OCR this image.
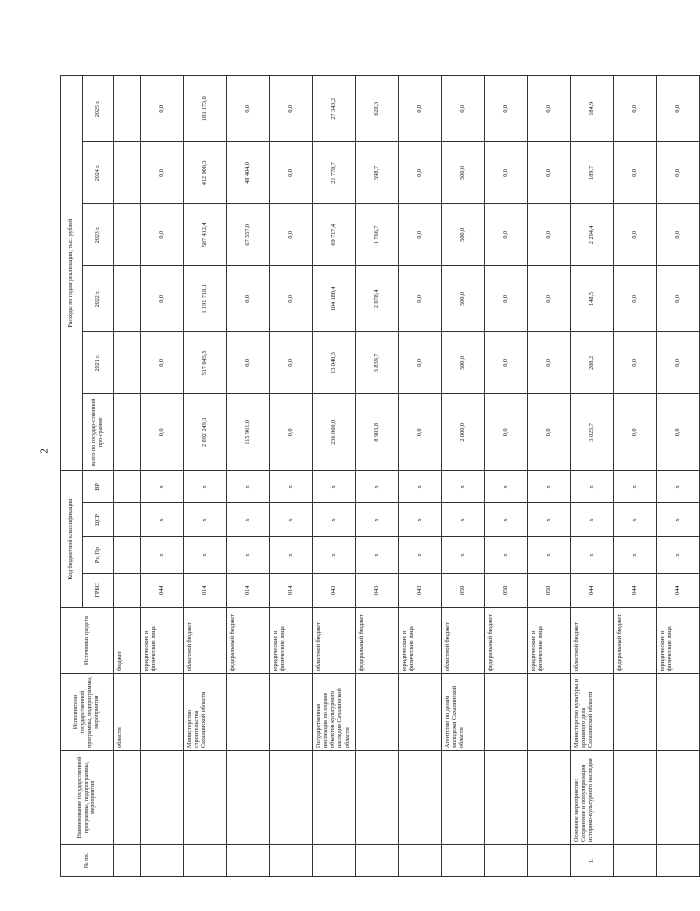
2
№ пп.	Наименование государственной программы, подпрограммы, мероприятия	Исполнители государственной программы, подпрограммы, мероприятия	Источники средств	Код бюджетной классификации				Расходы по годам реализации, тыс. рублей					
				ГРБС	Рз, Пр	ЦСР	ВР	всего по государ-ственной про-грамме	2021 г.	2022 г.	2023 г.	2024 г.	2025 г.
		области	бюджет										
			юридические и физические лица	044	х	х	х	0,0	0,0	0,0	0,0	0,0	0,0
		Министерство строительства Сахалинской области	областной бюджет	014	х	х	х	2 892 249,3	517 045,5	1 191 718,1	587 412,4	412 900,3	183 173,0
			федеральный бюджет	014	х	х	х	115 961,0	0,0	0,0	67 557,0	48 404,0	0,0
			юридические и физические лица	014	х	х	х	0,0	0,0	0,0	0,0	0,0	0,0
		Государственная инспекция по охране объектов культурного наследия Сахалинской области	областной бюджет	043	х	х	х	236 060,0	13 040,3	104 180,4	69 717,4	21 778,7	27 343,2
			федеральный бюджет	043	х	х	х	8 903,8	3 839,7	2 078,4	1 766,7	598,7	620,3
			юридические и физические лица	043	х	х	х	0,0	0,0	0,0	0,0	0,0	0,0
		Агентство по делам молодежи Сахалинской области	областной бюджет	050	х	х	х	2 000,0	500,0	500,0	500,0	500,0	0,0
			федеральный бюджет	050	х	х	х	0,0	0,0	0,0	0,0	0,0	0,0
			юридические и физические лица	050	х	х	х	0,0	0,0	0,0	0,0	0,0	0,0
1.	Основное мероприятие: Сохранение и популяризация историко-культурного наследия	Министерство культуры и архивного дела Сахалинской области	областной бюджет	044	х	х	х	3 025,7	208,2	148,5	2 294,4	189,7	184,9
			федеральный бюджет	044	х	х	х	0,0	0,0	0,0	0,0	0,0	0,0
			юридические и физические лица	044	х	х	х	0,0	0,0	0,0	0,0	0,0	0,0
